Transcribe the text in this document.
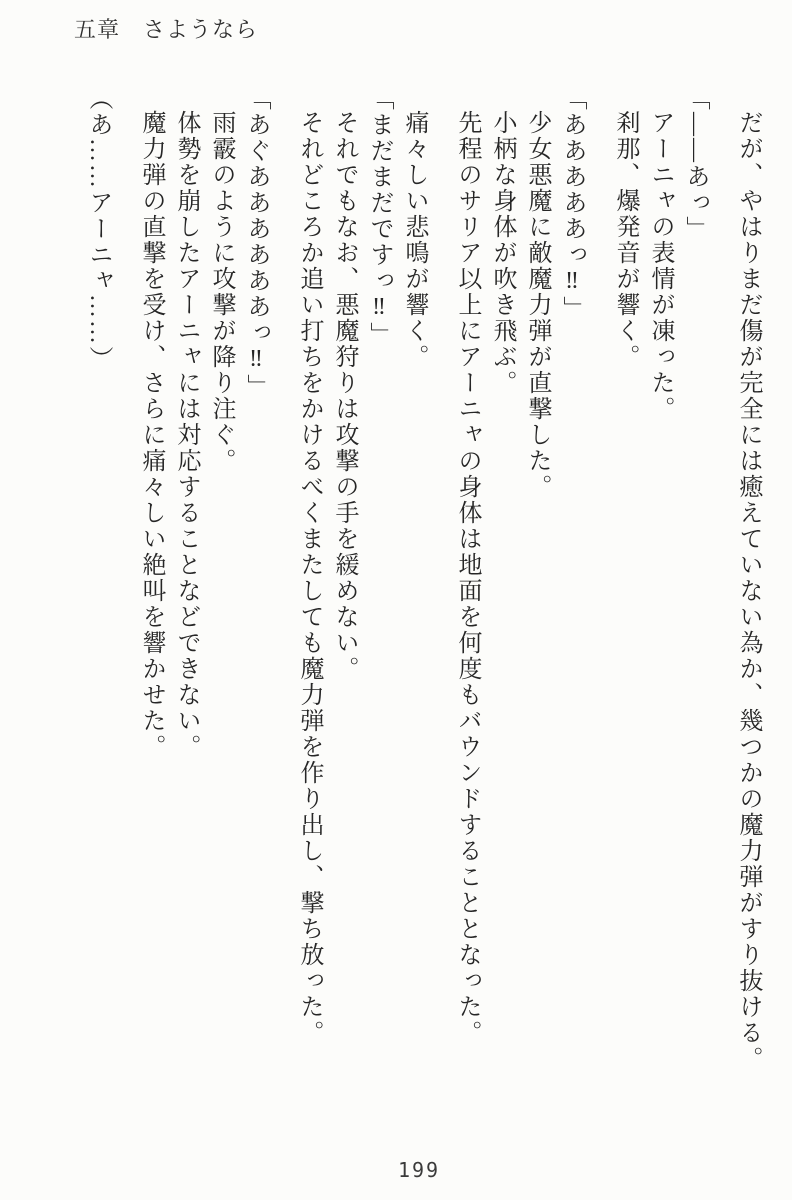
五章　さようなら

だが、やはりまだ傷が完全には癒えていない為か、幾つかの魔力弾がすり抜ける。

「――あっ」

アーニャの表情が凍った。

刹那、爆発音が響く。

「あああああっ‼」

少女悪魔に敵魔力弾が直撃した。

小柄な身体が吹き飛ぶ。

先程のサリア以上にアーニャの身体は地面を何度もバウンドすることとなった。

痛々しい悲鳴が響く。

「まだまだですっ‼」

それでもなお、悪魔狩りは攻撃の手を緩めない。

それどころか追い打ちをかけるべくまたしても魔力弾を作り出し、撃ち放った。

「あぐああああああっ‼」

雨霰のように攻撃が降り注ぐ。

体勢を崩したアーニャには対応することなどできない。

魔力弾の直撃を受け、さらに痛々しい絶叫を響かせた。

（あ……アーニャ……）

199
